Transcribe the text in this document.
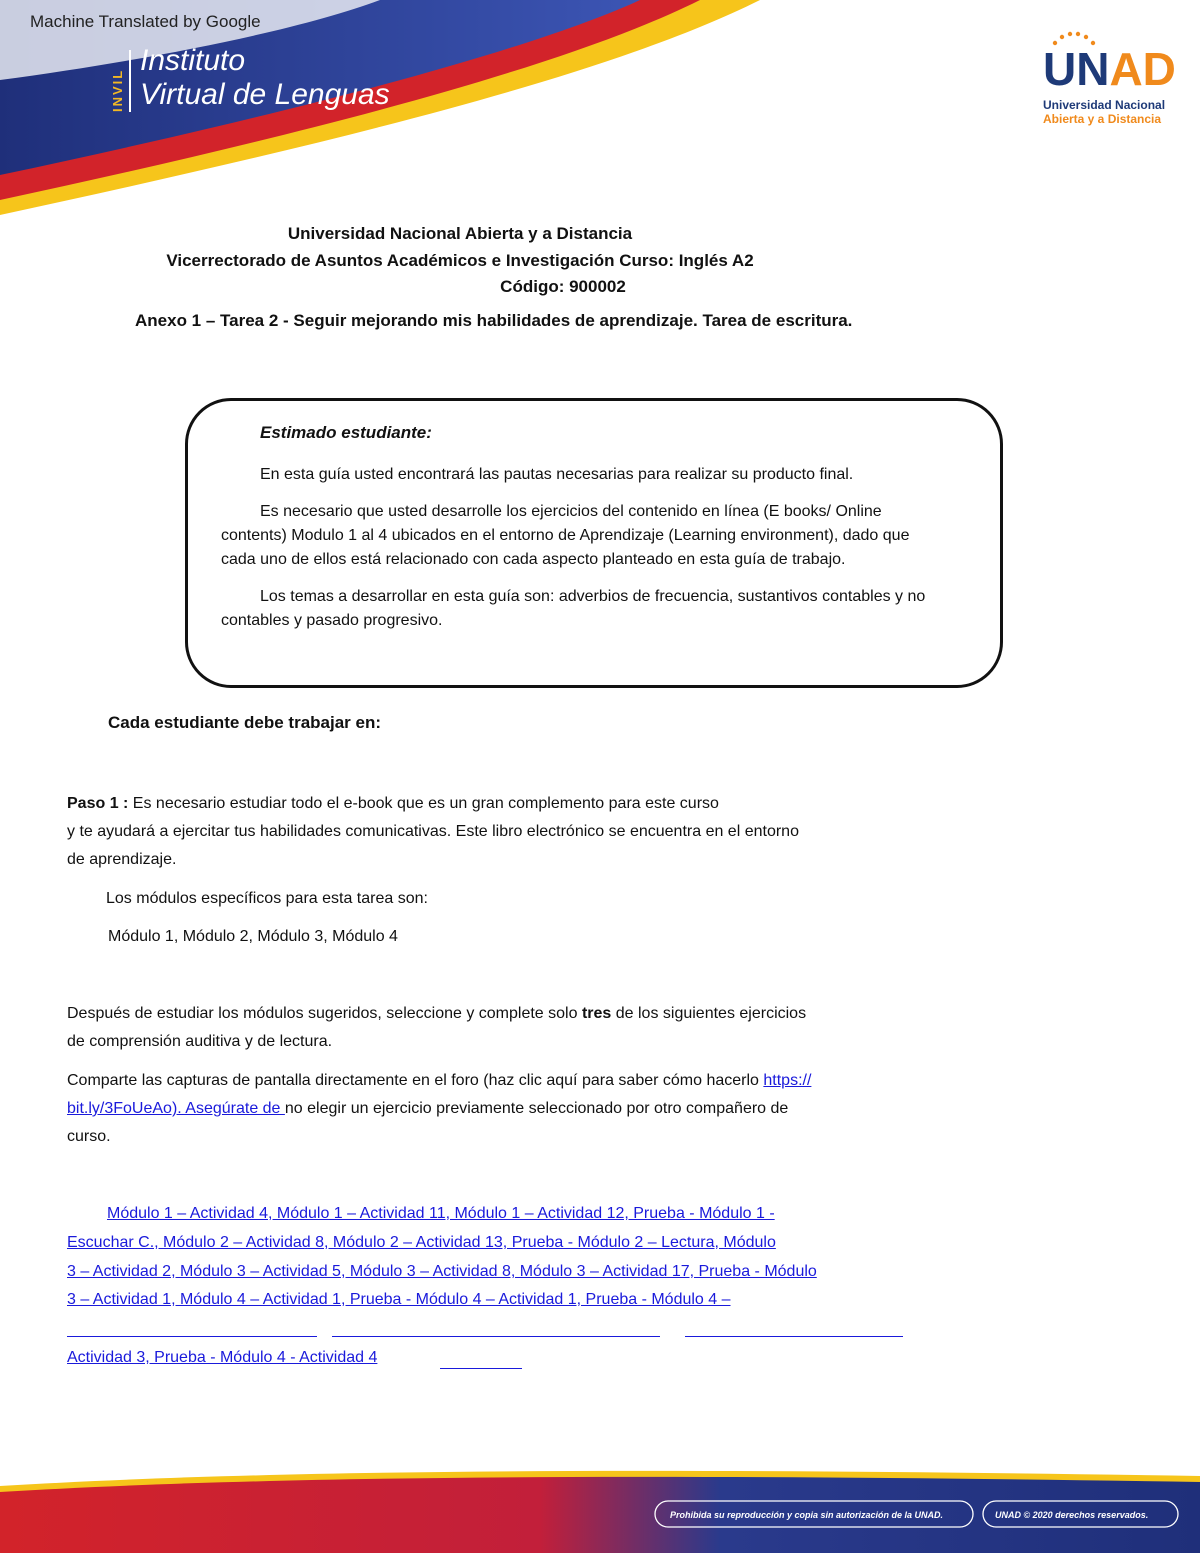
Machine Translated by Google
INVIL
Instituto
Virtual de Lenguas	UNAD
Universidad Nacional
Abierta y a Distancia
Universidad Nacional Abierta y a Distancia
Vicerrectorado de Asuntos Académicos e Investigación Curso: Inglés A2
Código: 900002
Anexo 1 – Tarea 2 - Seguir mejorando mis habilidades de aprendizaje. Tarea de escritura.
Estimado estudiante:

En esta guía usted encontrará las pautas necesarias para realizar su producto final.

Es necesario que usted desarrolle los ejercicios del contenido en línea (E books/ Online contents) Modulo 1 al 4 ubicados en el entorno de Aprendizaje (Learning environment), dado que cada uno de ellos está relacionado con cada aspecto planteado en esta guía de trabajo.

Los temas a desarrollar en esta guía son: adverbios de frecuencia, sustantivos contables y no contables y pasado progresivo.

Cada estudiante debe trabajar en:
Paso 1 : Es necesario estudiar todo el e-book que es un gran complemento para este curso
y te ayudará a ejercitar tus habilidades comunicativas. Este libro electrónico se encuentra en el entorno
de aprendizaje.
Los módulos específicos para esta tarea son:
Módulo 1, Módulo 2, Módulo 3, Módulo 4
Después de estudiar los módulos sugeridos, seleccione y complete solo tres de los siguientes ejercicios
de comprensión auditiva y de lectura.
Comparte las capturas de pantalla directamente en el foro (haz clic aquí para saber cómo hacerlo https://
bit.ly/3FoUeAo). Asegúrate de no elegir un ejercicio previamente seleccionado por otro compañero de
curso.
Módulo 1 – Actividad 4, Módulo 1 – Actividad 11, Módulo 1 – Actividad 12, Prueba - Módulo 1 -
Escuchar C., Módulo 2 – Actividad 8, Módulo 2 – Actividad 13, Prueba - Módulo 2 – Lectura, Módulo
3 – Actividad 2, Módulo 3 – Actividad 5, Módulo 3 – Actividad 8, Módulo 3 – Actividad 17, Prueba - Módulo
3 – Actividad 1, Módulo 4 – Actividad 1, Prueba - Módulo 4 – Actividad 1, Prueba - Módulo 4 –
Actividad 3, Prueba - Módulo 4 - Actividad 4
Prohibida su reproducción y copia sin autorización de la UNAD.	UNAD © 2020 derechos reservados.
